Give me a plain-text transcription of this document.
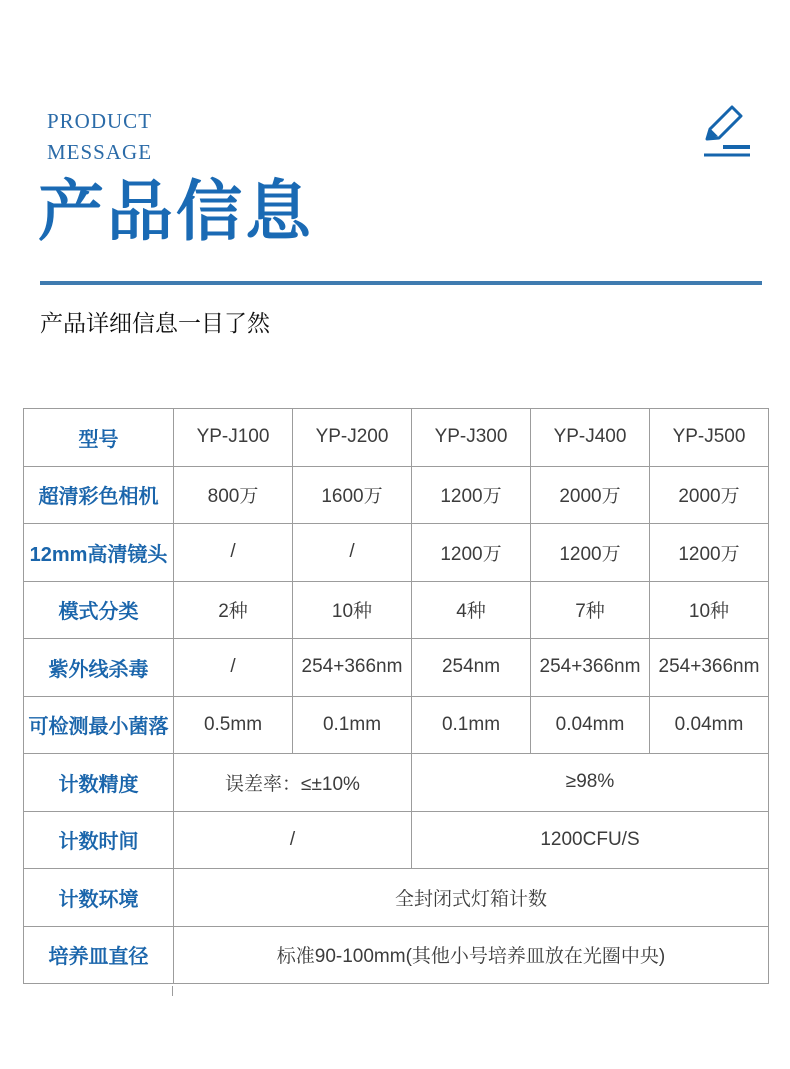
PRODUCT
MESSAGE
产品信息
产品详细信息一目了然
型号	YP-J100	YP-J200	YP-J300	YP-J400	YP-J500
超清彩色相机	800万	1600万	1200万	2000万	2000万
12mm高清镜头	/	/	1200万	1200万	1200万
模式分类	2种	10种	4种	7种	10种
紫外线杀毒	/	254+366nm	254nm	254+366nm	254+366nm
可检测最小菌落	0.5mm	0.1mm	0.1mm	0.04mm	0.04mm
计数精度	误差率：≤±10%		≥98%		
计数时间	/		1200CFU/S		
计数环境	全封闭式灯箱计数				
培养皿直径	标准90-100mm(其他小号培养皿放在光圈中央)				
